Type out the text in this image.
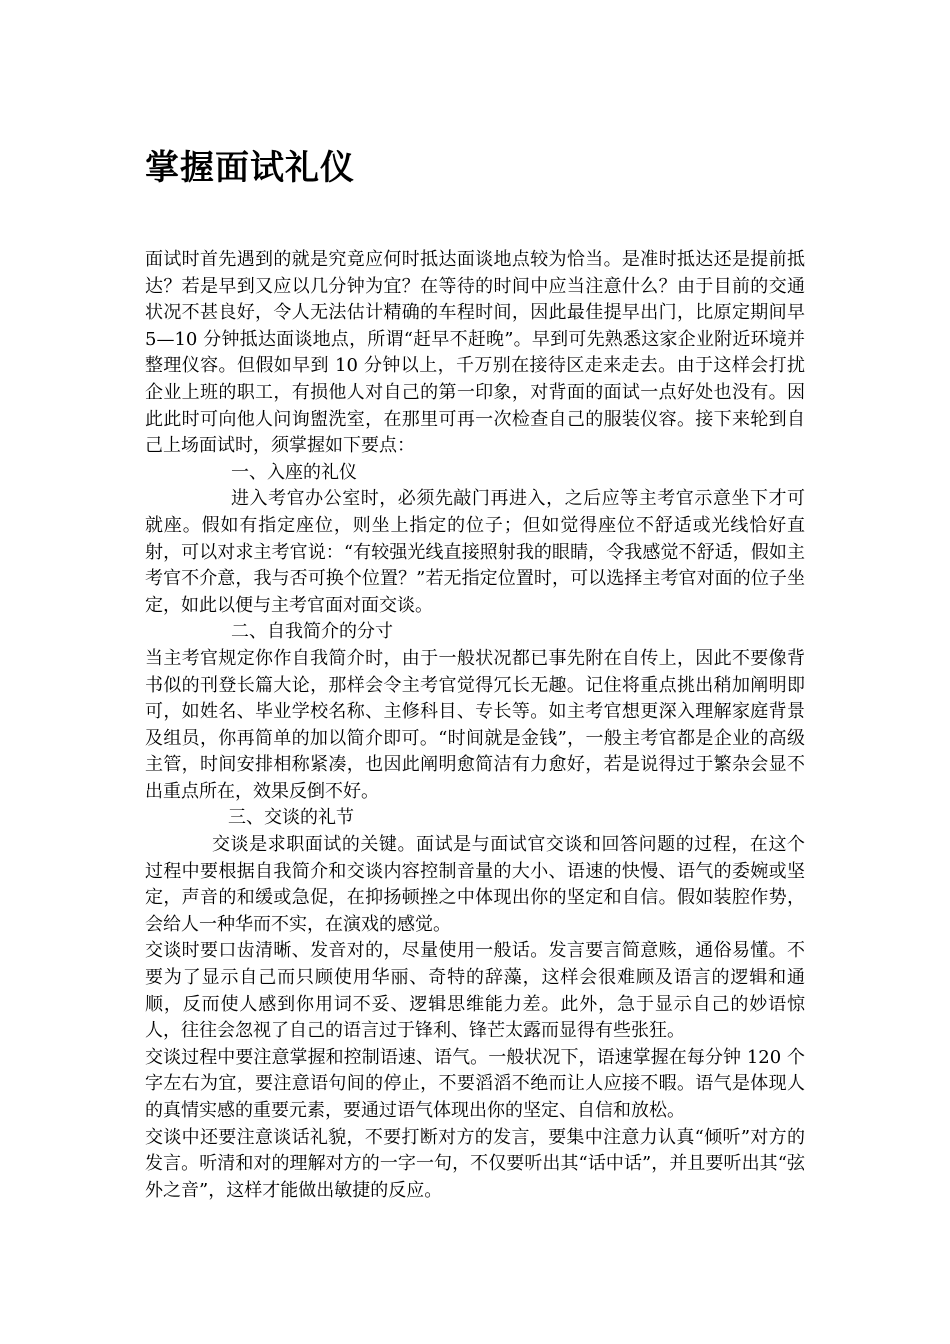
掌握面试礼仪

面试时首先遇到的就是究竟应何时抵达面谈地点较为恰当。是准时抵达还是提前抵达？若是早到又应以几分钟为宜？在等待的时间中应当注意什么？由于目前的交通状况不甚良好，令人无法估计精确的车程时间，因此最佳提早出门，比原定期间早 5—10 分钟抵达面谈地点，所谓“赶早不赶晚”。早到可先熟悉这家企业附近环境并整理仪容。但假如早到 10 分钟以上，千万别在接待区走来走去。由于这样会打扰企业上班的职工，有损他人对自己的第一印象，对背面的面试一点好处也没有。因此此时可向他人问询盥洗室，在那里可再一次检查自己的服装仪容。接下来轮到自己上场面试时，须掌握如下要点：

一、入座的礼仪

进入考官办公室时，必须先敲门再进入，之后应等主考官示意坐下才可就座。假如有指定座位，则坐上指定的位子；但如觉得座位不舒适或光线恰好直射，可以对求主考官说：“有较强光线直接照射我的眼睛，令我感觉不舒适，假如主考官不介意，我与否可换个位置？”若无指定位置时，可以选择主考官对面的位子坐定，如此以便与主考官面对面交谈。

二、自我简介的分寸

当主考官规定你作自我简介时，由于一般状况都已事先附在自传上，因此不要像背书似的刊登长篇大论，那样会令主考官觉得冗长无趣。记住将重点挑出稍加阐明即可，如姓名、毕业学校名称、主修科目、专长等。如主考官想更深入理解家庭背景及组员，你再简单的加以简介即可。“时间就是金钱”，一般主考官都是企业的高级主管，时间安排相称紧凑，也因此阐明愈简洁有力愈好，若是说得过于繁杂会显不出重点所在，效果反倒不好。

三、交谈的礼节

交谈是求职面试的关键。面试是与面试官交谈和回答问题的过程，在这个过程中要根据自我简介和交谈内容控制音量的大小、语速的快慢、语气的委婉或坚定，声音的和缓或急促，在抑扬顿挫之中体现出你的坚定和自信。假如装腔作势，会给人一种华而不实，在演戏的感觉。

交谈时要口齿清晰、发音对的，尽量使用一般话。发言要言简意赅，通俗易懂。不要为了显示自己而只顾使用华丽、奇特的辞藻，这样会很难顾及语言的逻辑和通顺，反而使人感到你用词不妥、逻辑思维能力差。此外，急于显示自己的妙语惊人，往往会忽视了自己的语言过于锋利、锋芒太露而显得有些张狂。

交谈过程中要注意掌握和控制语速、语气。一般状况下，语速掌握在每分钟 120 个字左右为宜，要注意语句间的停止，不要滔滔不绝而让人应接不暇。语气是体现人的真情实感的重要元素，要通过语气体现出你的坚定、自信和放松。

交谈中还要注意谈话礼貌，不要打断对方的发言，要集中注意力认真“倾听”对方的发言。听清和对的理解对方的一字一句，不仅要听出其“话中话”，并且要听出其“弦外之音”，这样才能做出敏捷的反应。
